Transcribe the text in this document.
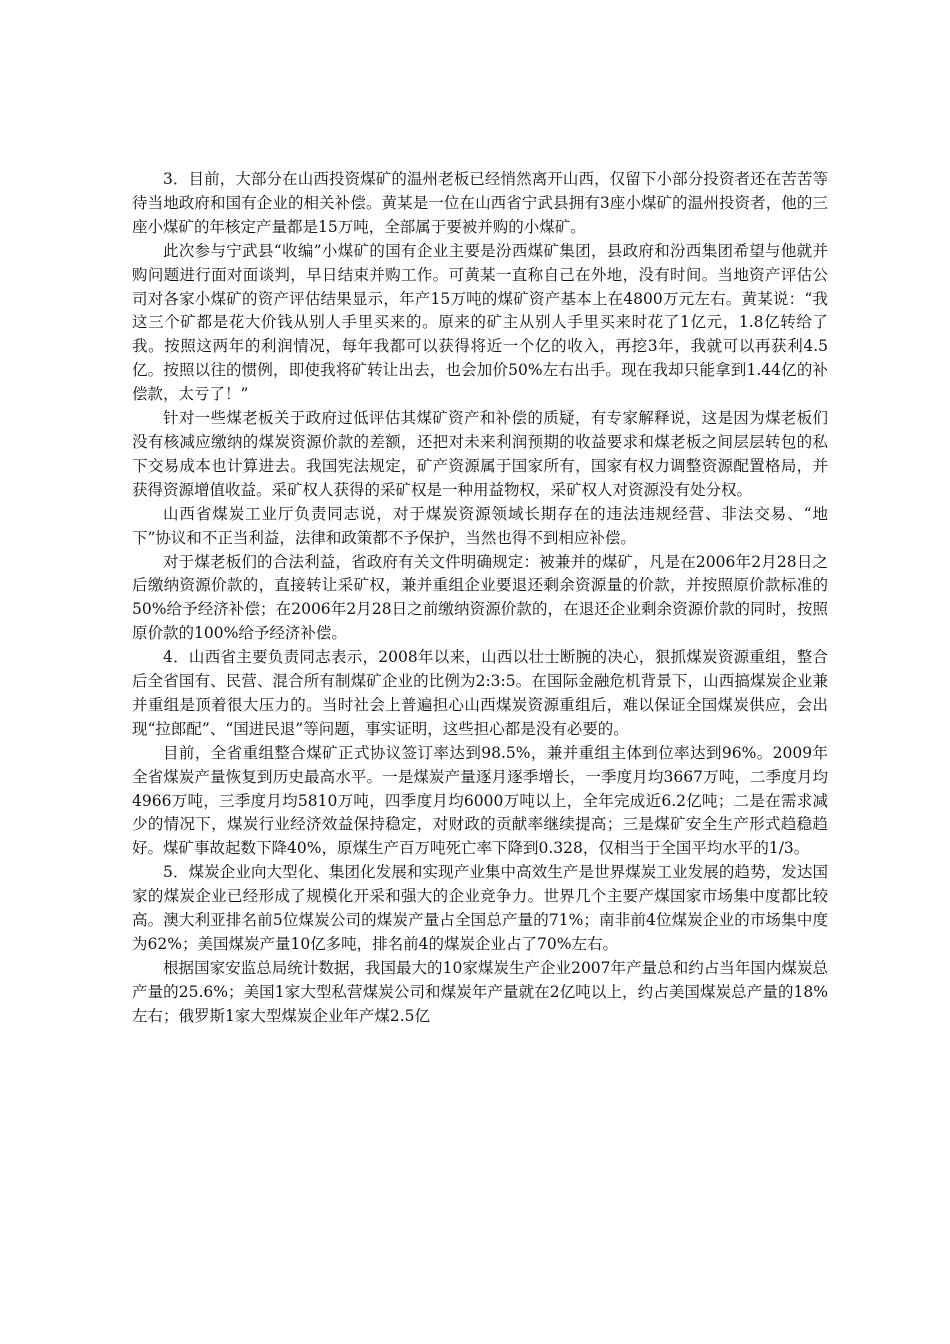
3．目前，大部分在山西投资煤矿的温州老板已经悄然离开山西，仅留下小部分投资者还在苦苦等待当地政府和国有企业的相关补偿。黄某是一位在山西省宁武县拥有3座小煤矿的温州投资者，他的三座小煤矿的年核定产量都是15万吨，全部属于要被并购的小煤矿。

此次参与宁武县“收编”小煤矿的国有企业主要是汾西煤矿集团，县政府和汾西集团希望与他就并购问题进行面对面谈判，早日结束并购工作。可黄某一直称自己在外地，没有时间。当地资产评估公司对各家小煤矿的资产评估结果显示，年产15万吨的煤矿资产基本上在4800万元左右。黄某说：“我这三个矿都是花大价钱从别人手里买来的。原来的矿主从别人手里买来时花了1亿元，1.8亿转给了我。按照这两年的利润情况，每年我都可以获得将近一个亿的收入，再挖3年，我就可以再获利4.5亿。按照以往的惯例，即使我将矿转让出去，也会加价50%左右出手。现在我却只能拿到1.44亿的补偿款，太亏了！”

针对一些煤老板关于政府过低评估其煤矿资产和补偿的质疑，有专家解释说，这是因为煤老板们没有核减应缴纳的煤炭资源价款的差额，还把对未来利润预期的收益要求和煤老板之间层层转包的私下交易成本也计算进去。我国宪法规定，矿产资源属于国家所有，国家有权力调整资源配置格局，并获得资源增值收益。采矿权人获得的采矿权是一种用益物权，采矿权人对资源没有处分权。

山西省煤炭工业厅负责同志说，对于煤炭资源领域长期存在的违法违规经营、非法交易、“地下”协议和不正当利益，法律和政策都不予保护，当然也得不到相应补偿。

对于煤老板们的合法利益，省政府有关文件明确规定：被兼并的煤矿，凡是在2006年2月28日之后缴纳资源价款的，直接转让采矿权，兼并重组企业要退还剩余资源量的价款，并按照原价款标准的50%给予经济补偿；在2006年2月28日之前缴纳资源价款的，在退还企业剩余资源价款的同时，按照原价款的100%给予经济补偿。

4．山西省主要负责同志表示，2008年以来，山西以壮士断腕的决心，狠抓煤炭资源重组，整合后全省国有、民营、混合所有制煤矿企业的比例为2:3:5。在国际金融危机背景下，山西搞煤炭企业兼并重组是顶着很大压力的。当时社会上普遍担心山西煤炭资源重组后，难以保证全国煤炭供应，会出现“拉郎配”、“国进民退”等问题，事实证明，这些担心都是没有必要的。

目前，全省重组整合煤矿正式协议签订率达到98.5%，兼并重组主体到位率达到96%。2009年全省煤炭产量恢复到历史最高水平。一是煤炭产量逐月逐季增长，一季度月均3667万吨，二季度月均4966万吨，三季度月均5810万吨，四季度月均6000万吨以上，全年完成近6.2亿吨；二是在需求减少的情况下，煤炭行业经济效益保持稳定，对财政的贡献率继续提高；三是煤矿安全生产形式趋稳趋好。煤矿事故起数下降40%，原煤生产百万吨死亡率下降到0.328，仅相当于全国平均水平的1/3。

5．煤炭企业向大型化、集团化发展和实现产业集中高效生产是世界煤炭工业发展的趋势，发达国家的煤炭企业已经形成了规模化开采和强大的企业竞争力。世界几个主要产煤国家市场集中度都比较高。澳大利亚排名前5位煤炭公司的煤炭产量占全国总产量的71%；南非前4位煤炭企业的市场集中度为62%；美国煤炭产量10亿多吨，排名前4的煤炭企业占了70%左右。

根据国家安监总局统计数据，我国最大的10家煤炭生产企业2007年产量总和约占当年国内煤炭总产量的25.6%；美国1家大型私营煤炭公司和煤炭年产量就在2亿吨以上，约占美国煤炭总产量的18%左右；俄罗斯1家大型煤炭企业年产煤2.5亿
